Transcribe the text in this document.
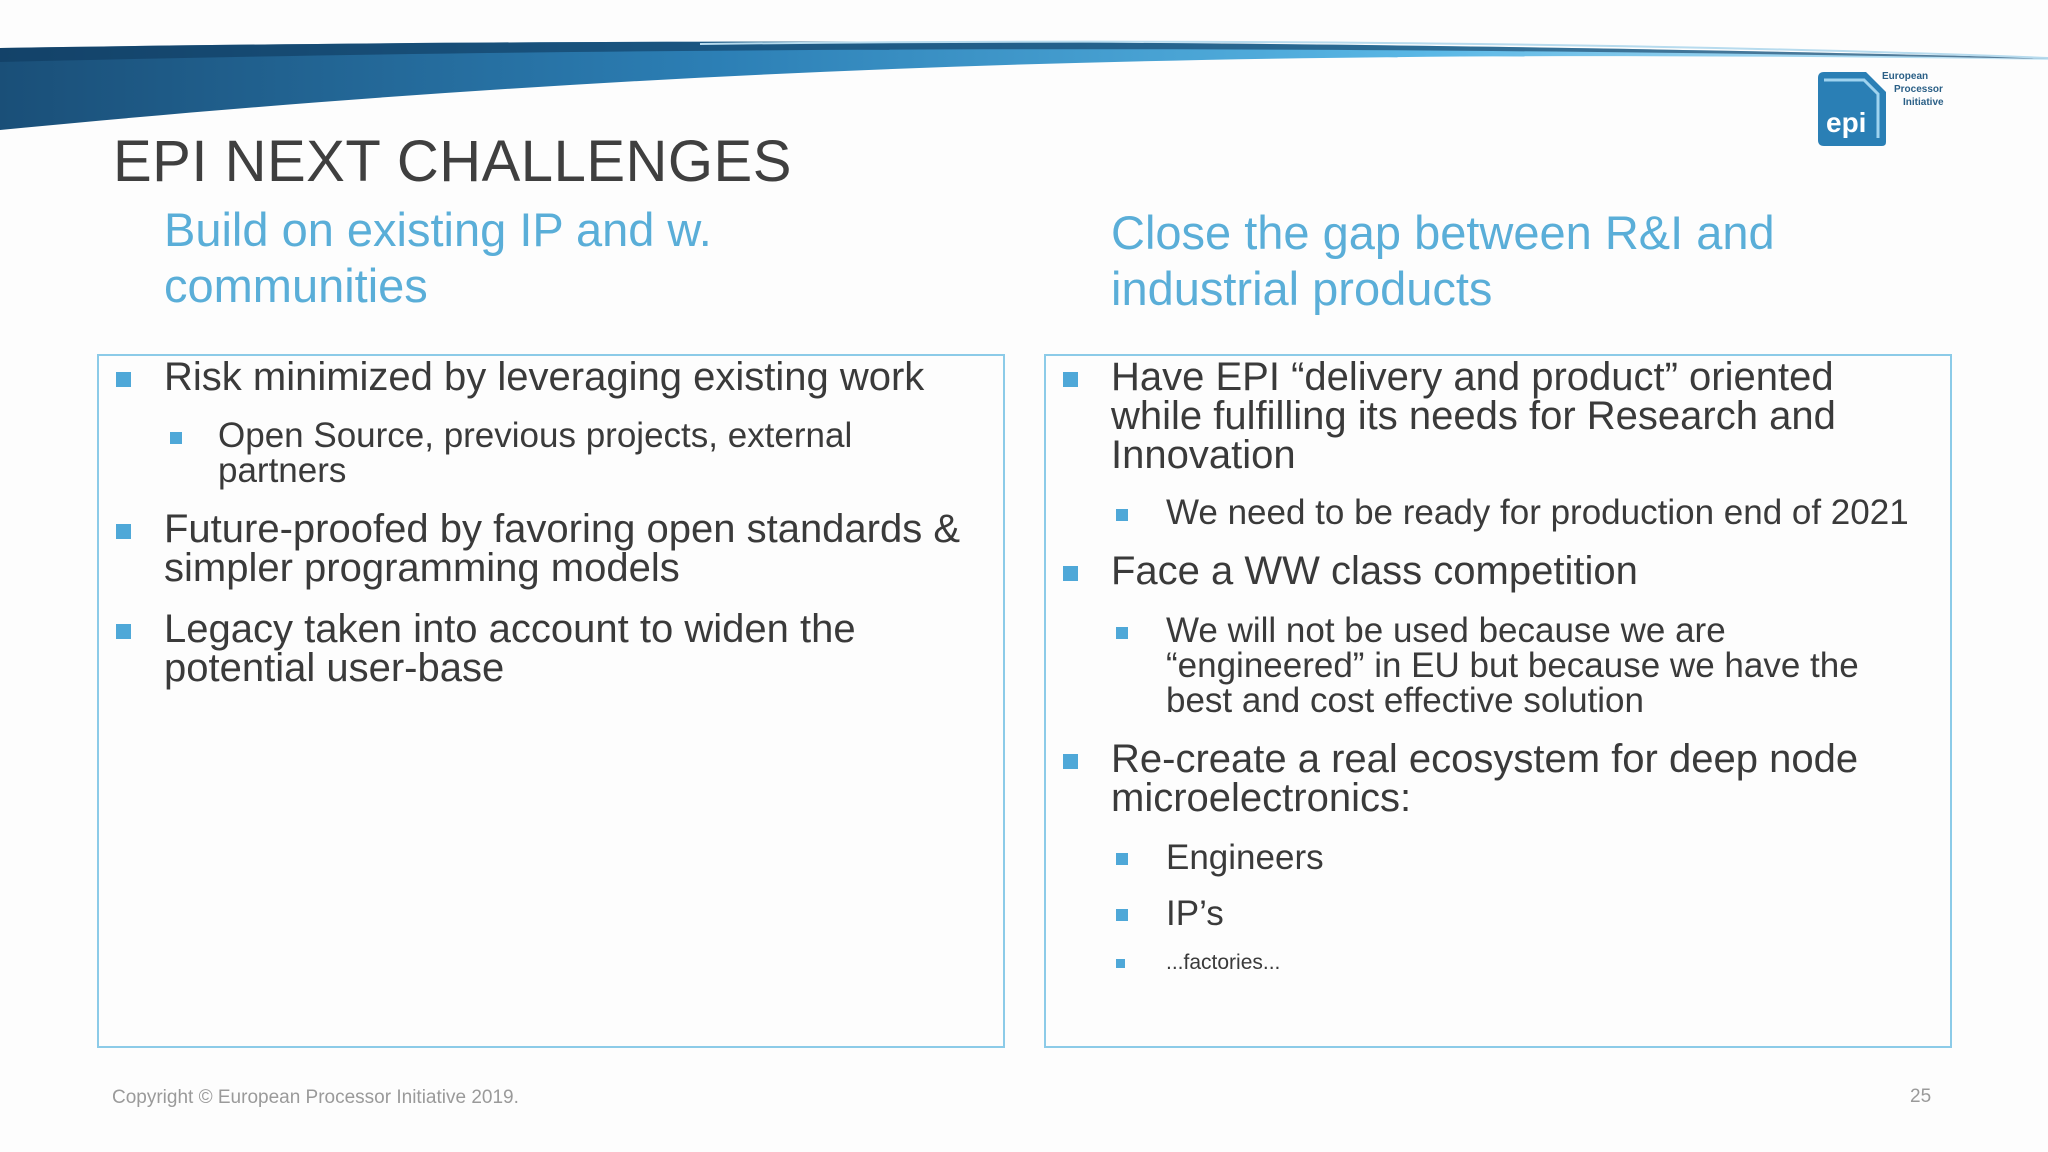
epi
European
Processor
Initiative
EPI NEXT CHALLENGES
Build on existing IP and w.
communities
Close the gap between R&I and
industrial products
Risk minimized by leveraging existing work
Open Source, previous projects, external
partners
Future-proofed by favoring open standards &
simpler programming models
Legacy taken into account to widen the
potential user-base
Have EPI “delivery and product” oriented
while fulfilling its needs for Research and
Innovation
We need to be ready for production end of 2021
Face a WW class competition
We will not be used because we are
“engineered” in EU but because we have the
best and cost effective solution
Re-create a real ecosystem for deep node
microelectronics:
Engineers
IP’s
...factories...
Copyright © European Processor Initiative 2019.	25
